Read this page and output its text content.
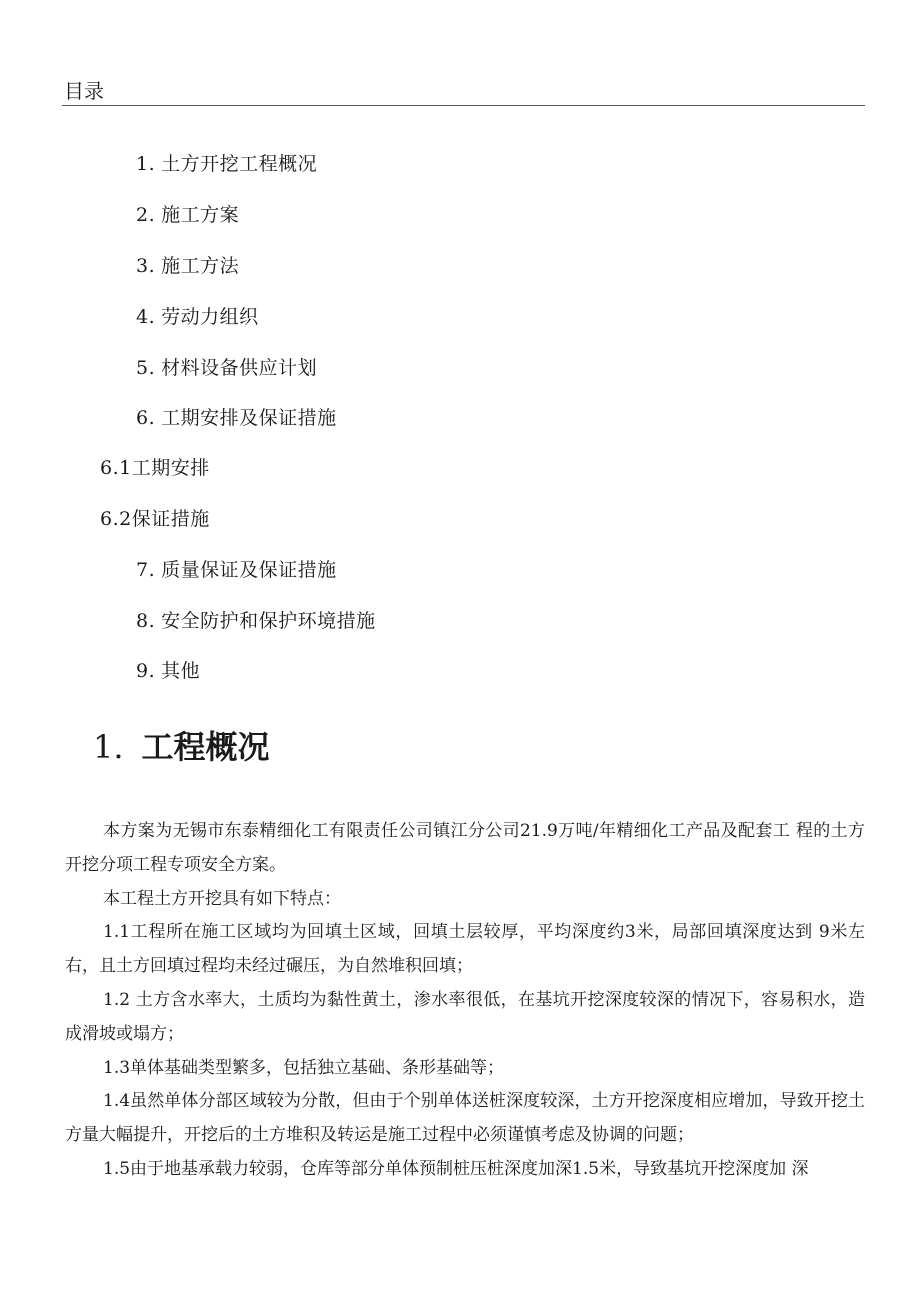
目录
1. 土方开挖工程概况
2. 施工方案
3. 施工方法
4. 劳动力组织
5. 材料设备供应计划
6. 工期安排及保证措施
6.1工期安排
6.2保证措施
7. 质量保证及保证措施
8. 安全防护和保护环境措施
9. 其他
1. 工程概况

本方案为无锡市东泰精细化工有限责任公司镇江分公司21.9万吨/年精细化工产品及配套工 程的土方开挖分项工程专项安全方案。

本工程土方开挖具有如下特点：

1.1工程所在施工区域均为回填土区域，回填土层较厚，平均深度约3米，局部回填深度达到 9米左右，且土方回填过程均未经过碾压，为自然堆积回填；

1.2 土方含水率大，土质均为黏性黄土，渗水率很低，在基坑开挖深度较深的情况下，容易积水，造成滑坡或塌方；

1.3单体基础类型繁多，包括独立基础、条形基础等；

1.4虽然单体分部区域较为分散，但由于个别单体送桩深度较深，土方开挖深度相应增加，导致开挖土方量大幅提升，开挖后的土方堆积及转运是施工过程中必须谨慎考虑及协调的问题；

1.5由于地基承载力较弱，仓库等部分单体预制桩压桩深度加深1.5米，导致基坑开挖深度加 深
